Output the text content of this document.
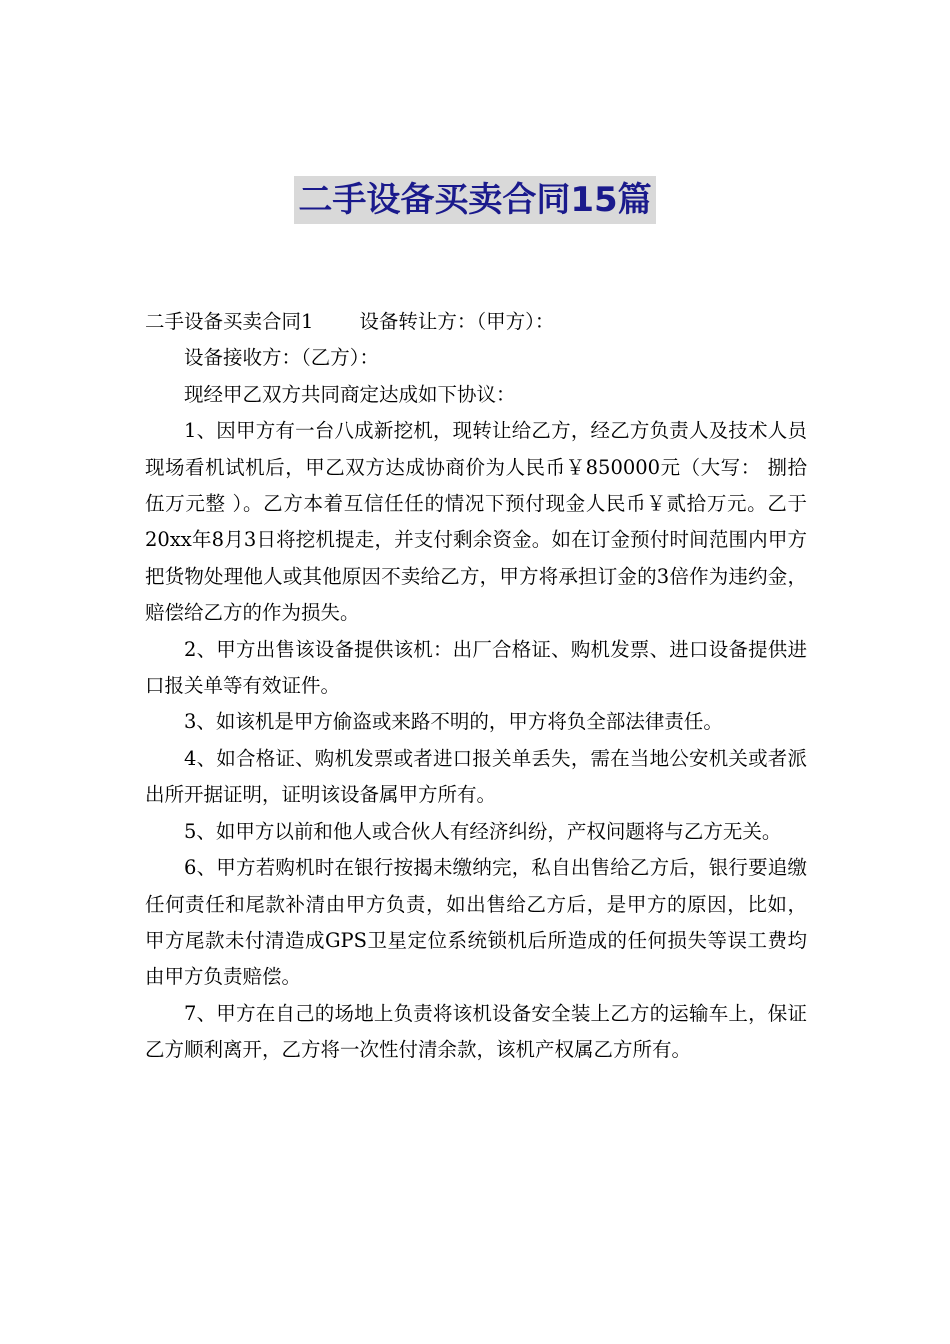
二手设备买卖合同15篇

二手设备买卖合同1 设备转让方：（甲方）：

设备接收方：（乙方）：

现经甲乙双方共同商定达成如下协议：

1、因甲方有一台八成新挖机，现转让给乙方，经乙方负责人及技术人员现场看机试机后，甲乙双方达成协商价为人民币￥850000元（大写： 捌拾伍万元整 ）。乙方本着互信任任的情况下预付现金人民币￥贰拾万元。乙于20xx年8月3日将挖机提走，并支付剩余资金。如在订金预付时间范围内甲方把货物处理他人或其他原因不卖给乙方，甲方将承担订金的3倍作为违约金，赔偿给乙方的作为损失。

2、甲方出售该设备提供该机：出厂合格证、购机发票、进口设备提供进口报关单等有效证件。

3、如该机是甲方偷盗或来路不明的，甲方将负全部法律责任。

4、如合格证、购机发票或者进口报关单丢失，需在当地公安机关或者派出所开据证明，证明该设备属甲方所有。

5、如甲方以前和他人或合伙人有经济纠纷，产权问题将与乙方无关。

6、甲方若购机时在银行按揭未缴纳完，私自出售给乙方后，银行要追缴任何责任和尾款补清由甲方负责，如出售给乙方后，是甲方的原因，比如，甲方尾款未付清造成GPS卫星定位系统锁机后所造成的任何损失等误工费均由甲方负责赔偿。

7、甲方在自己的场地上负责将该机设备安全装上乙方的运输车上，保证乙方顺利离开，乙方将一次性付清余款，该机产权属乙方所有。
